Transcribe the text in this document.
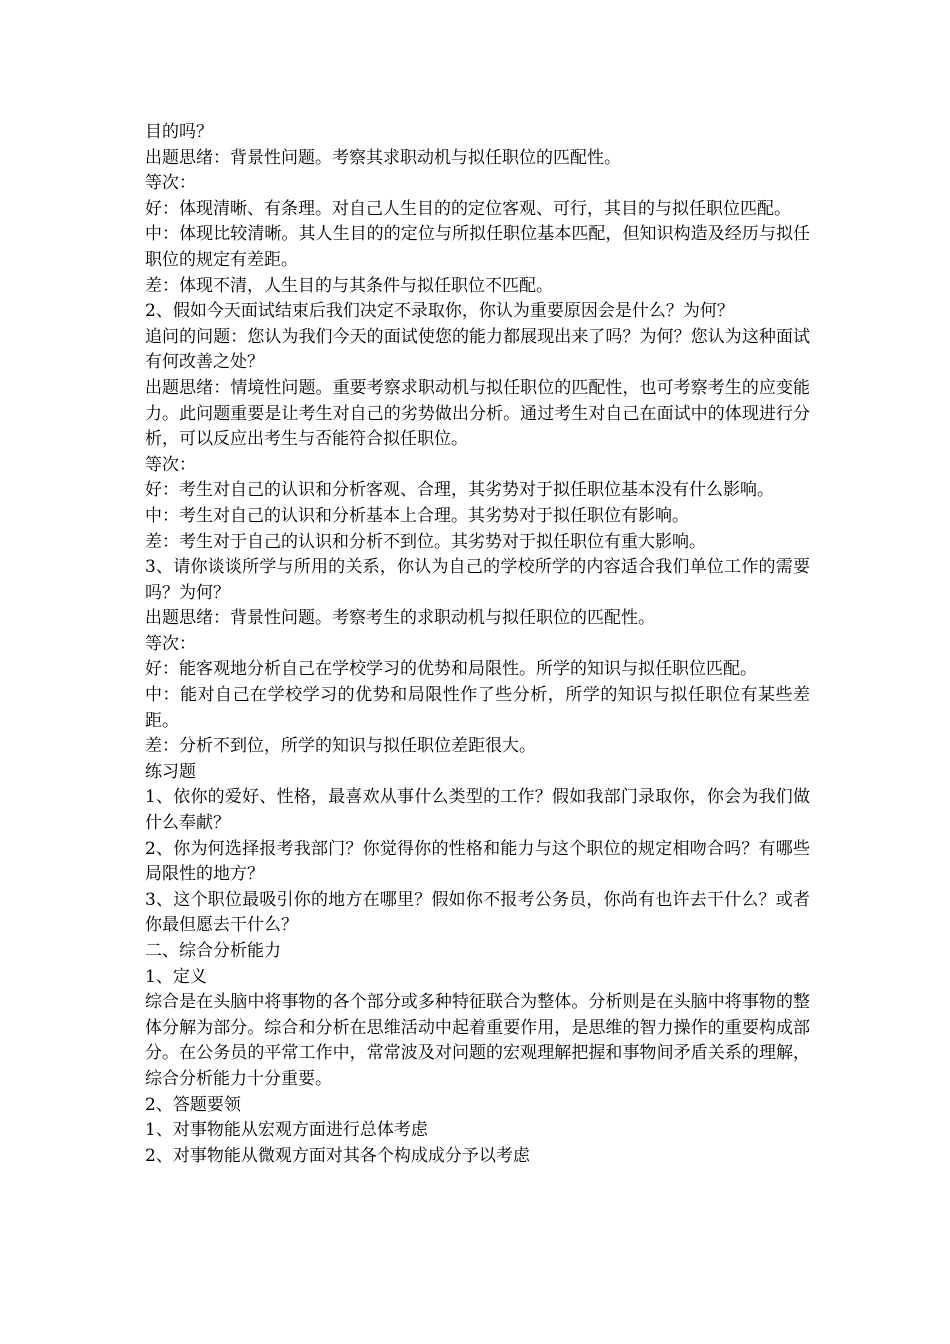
目的吗？

出题思绪：背景性问题。考察其求职动机与拟任职位的匹配性。

等次：

好：体现清晰、有条理。对自己人生目的的定位客观、可行，其目的与拟任职位匹配。

中：体现比较清晰。其人生目的的定位与所拟任职位基本匹配，但知识构造及经历与拟任职位的规定有差距。

差：体现不清，人生目的与其条件与拟任职位不匹配。

2、假如今天面试结束后我们决定不录取你，你认为重要原因会是什么？为何？

追问的问题：您认为我们今天的面试使您的能力都展现出来了吗？为何？您认为这种面试有何改善之处？

出题思绪：情境性问题。重要考察求职动机与拟任职位的匹配性，也可考察考生的应变能力。此问题重要是让考生对自己的劣势做出分析。通过考生对自己在面试中的体现进行分析，可以反应出考生与否能符合拟任职位。

等次：

好：考生对自己的认识和分析客观、合理，其劣势对于拟任职位基本没有什么影响。

中：考生对自己的认识和分析基本上合理。其劣势对于拟任职位有影响。

差：考生对于自己的认识和分析不到位。其劣势对于拟任职位有重大影响。

3、请你谈谈所学与所用的关系，你认为自己的学校所学的内容适合我们单位工作的需要吗？为何？

出题思绪：背景性问题。考察考生的求职动机与拟任职位的匹配性。

等次：

好：能客观地分析自己在学校学习的优势和局限性。所学的知识与拟任职位匹配。

中：能对自己在学校学习的优势和局限性作了些分析，所学的知识与拟任职位有某些差距。

差：分析不到位，所学的知识与拟任职位差距很大。

练习题

1、依你的爱好、性格，最喜欢从事什么类型的工作？假如我部门录取你，你会为我们做什么奉献？

2、你为何选择报考我部门？你觉得你的性格和能力与这个职位的规定相吻合吗？有哪些局限性的地方？

3、这个职位最吸引你的地方在哪里？假如你不报考公务员，你尚有也许去干什么？或者你最但愿去干什么？

二、综合分析能力

1、定义

综合是在头脑中将事物的各个部分或多种特征联合为整体。分析则是在头脑中将事物的整体分解为部分。综合和分析在思维活动中起着重要作用，是思维的智力操作的重要构成部分。在公务员的平常工作中，常常波及对问题的宏观理解把握和事物间矛盾关系的理解，综合分析能力十分重要。

2、答题要领

1、对事物能从宏观方面进行总体考虑

2、对事物能从微观方面对其各个构成成分予以考虑
